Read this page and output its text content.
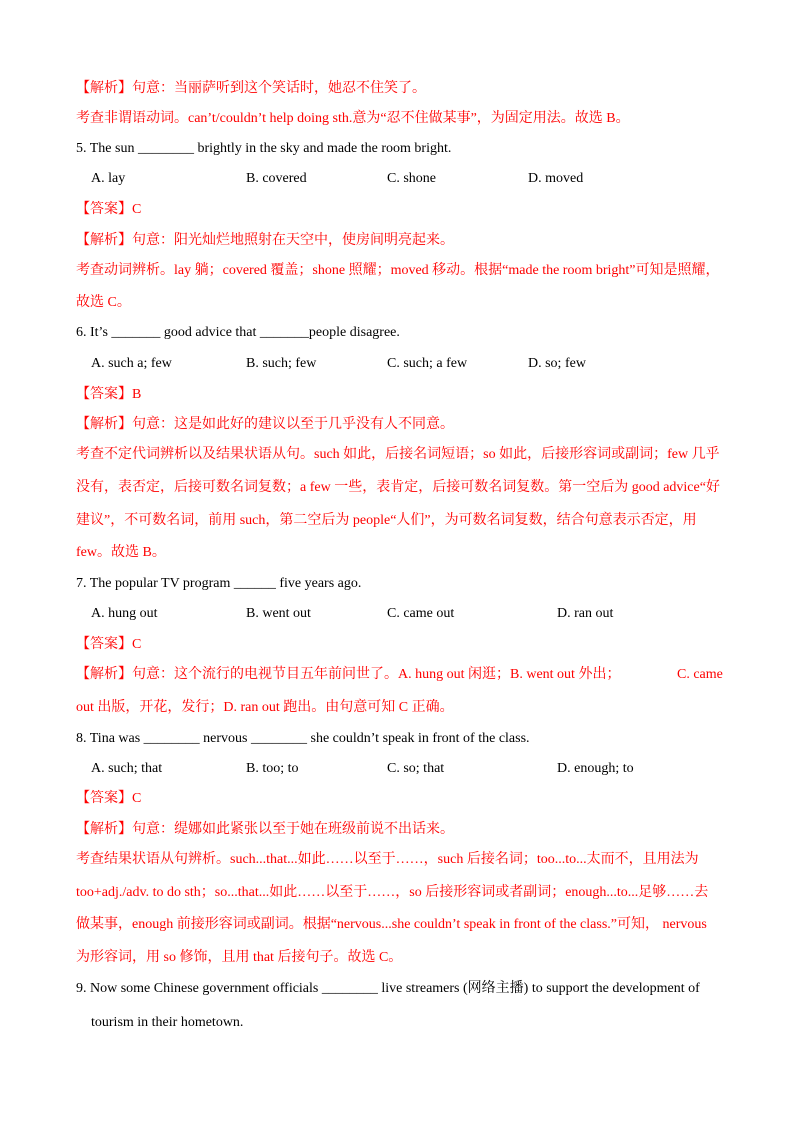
【解析】句意：当丽萨听到这个笑话时，她忍不住笑了。
考查非谓语动词。can’t/couldn’t help doing sth.意为“忍不住做某事”，为固定用法。故选 B。
5. The sun ________ brightly in the sky and made the room bright.
A. lay	B. covered	C. shone	D. moved
【答案】C
【解析】句意：阳光灿烂地照射在天空中，使房间明亮起来。
考查动词辨析。lay 躺；covered 覆盖；shone 照耀；moved 移动。根据“made the room bright”可知是照耀，
故选 C。
6. It’s _______ good advice that _______people disagree.
A. such a; few	B. such; few	C. such; a few	D. so; few
【答案】B
【解析】句意：这是如此好的建议以至于几乎没有人不同意。
考查不定代词辨析以及结果状语从句。such 如此，后接名词短语；so 如此，后接形容词或副词；few 几乎
没有，表否定，后接可数名词复数；a few 一些，表肯定，后接可数名词复数。第一空后为 good advice“好
建议”，不可数名词，前用 such，第二空后为 people“人们”，为可数名词复数，结合句意表示否定，用
few。故选 B。
7. The popular TV program ______ five years ago.
A. hung out	B. went out	C. came out	D. ran out
【答案】C
【解析】句意：这个流行的电视节目五年前问世了。A. hung out 闲逛；B. went out 外出；	C. came
out 出版，开花，发行；D. ran out 跑出。由句意可知 C 正确。
8. Tina was ________ nervous ________ she couldn’t speak in front of the class.
A. such; that	B. too; to	C. so; that	D. enough; to
【答案】C
【解析】句意：缇娜如此紧张以至于她在班级前说不出话来。
考查结果状语从句辨析。such...that...如此……以至于……，such 后接名词；too...to...太而不，且用法为
too+adj./adv. to do sth；so...that...如此……以至于……，so 后接形容词或者副词；enough...to...足够……去
做某事，enough 前接形容词或副词。根据“nervous...she couldn’t speak in front of the class.”可知， nervous
为形容词，用 so 修饰，且用 that 后接句子。故选 C。
9. Now some Chinese government officials ________ live streamers (网络主播) to support the development of
tourism in their hometown.
